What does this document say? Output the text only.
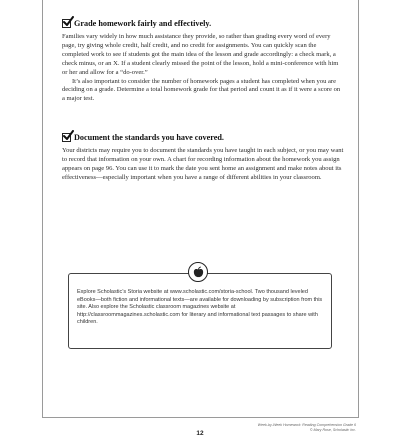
Grade homework fairly and effectively.

Families vary widely in how much assistance they provide, so rather than grading every word of every page, try giving whole credit, half credit, and no credit for assignments. You can quickly scan the completed work to see if students got the main idea of the lesson and grade accordingly: a check mark, a check minus, or an X. If a student clearly missed the point of the lesson, hold a mini-conference with him or her and allow for a “do-over.”

It’s also important to consider the number of homework pages a student has completed when you are deciding on a grade. Determine a total homework grade for that period and count it as if it were a score on a major test.

Document the standards you have covered.

Your districts may require you to document the standards you have taught in each subject, or you may want to record that information on your own. A chart for recording information about the homework you assign appears on page 96. You can use it to mark the date you sent home an assignment and make notes about its effectiveness—especially important when you have a range of different abilities in your classroom.

Explore Scholastic’s Storia website at www.scholastic.com/storia-school. Two thousand leveled eBooks—both fiction and informational texts—are available for downloading by subscription from this site. Also explore the Scholastic classroom magazines website at http://classroommagazines.scholastic.com for literary and informational text passages to share with children.

Week-by-Week Homework: Reading Comprehension Grade 6
© Mary Rose, Scholastic Inc.
12
